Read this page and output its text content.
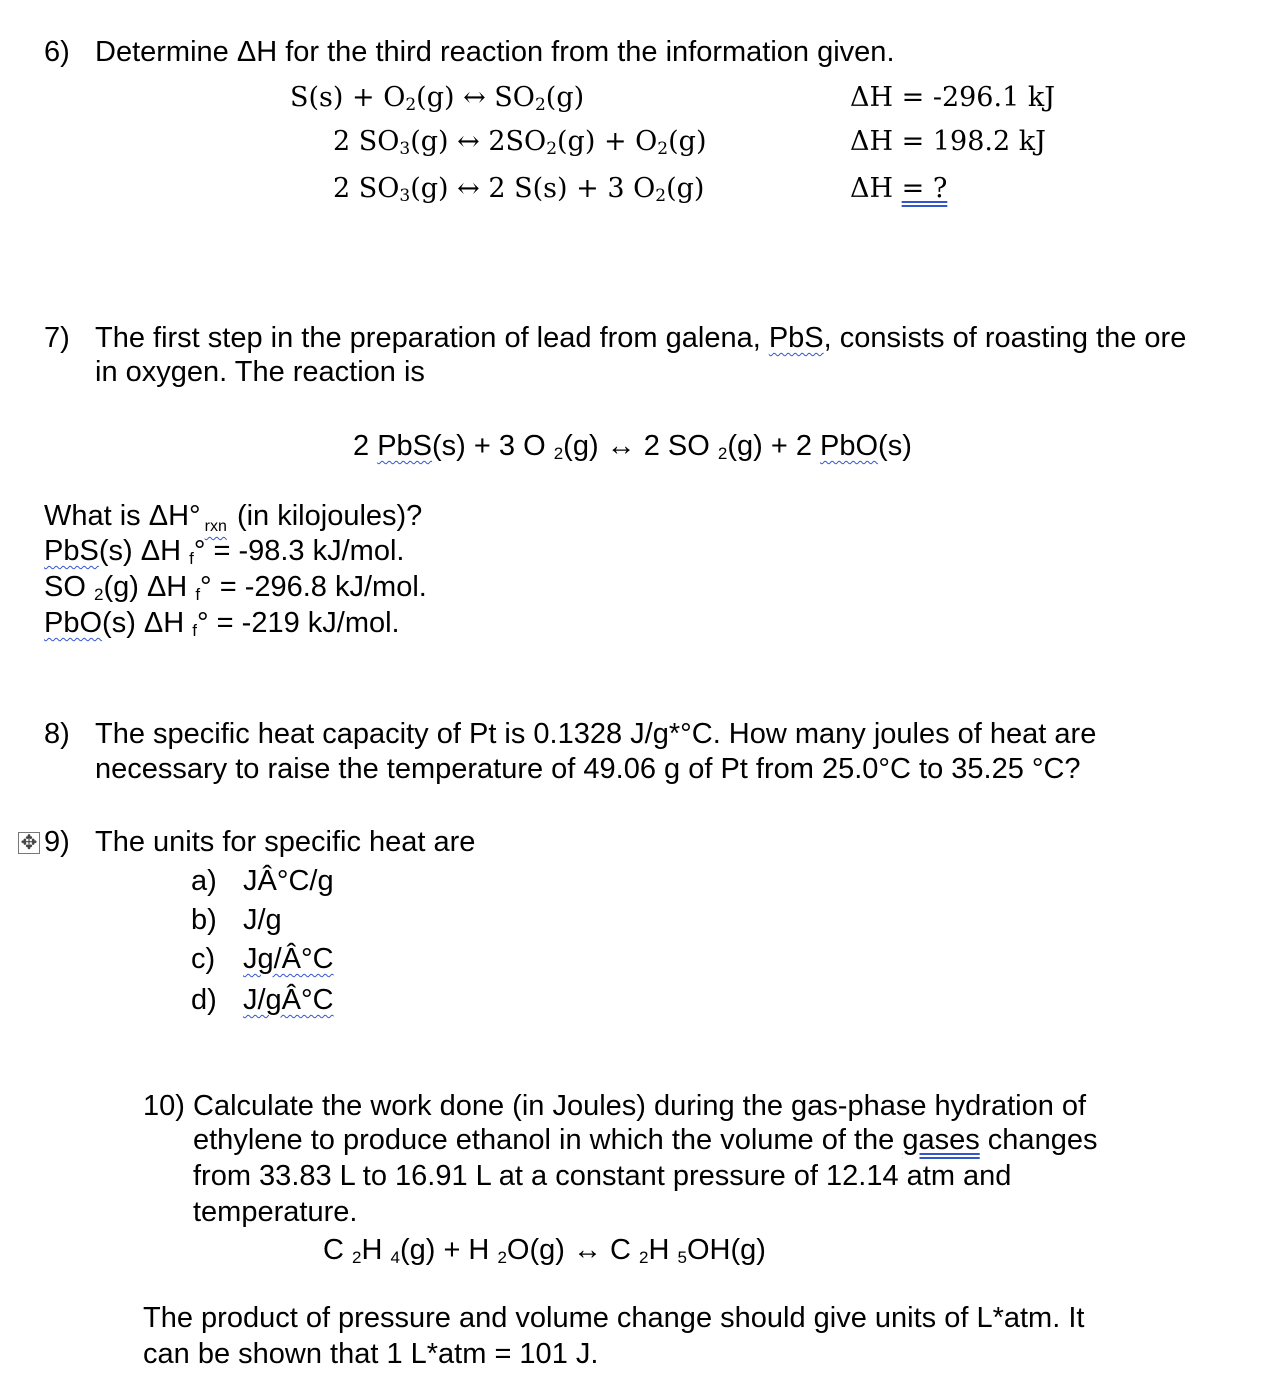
6) Determine ΔH for the third reaction from the information given.
S(s) + O2(g) ↔ SO2(g)	ΔH = -296.1 kJ
2 SO3(g) ↔ 2SO2(g) + O2(g)	ΔH = 198.2 kJ
2 SO3(g) ↔ 2 S(s) + 3 O2(g)	ΔH = ?
7) The first step in the preparation of lead from galena, PbS, consists of roasting the ore
in oxygen. The reaction is
2 PbS(s) + 3 O 2(g) ↔ 2 SO 2(g) + 2 PbO(s)
What is ΔH° $_{rxn}$ (in kilojoules)?
PbS(s) ΔH f° = -98.3 kJ/mol.
SO 2(g) ΔH f° = -296.8 kJ/mol.
PbO(s) ΔH f° = -219 kJ/mol.
8) The specific heat capacity of Pt is 0.1328 J/g*°C. How many joules of heat are
necessary to raise the temperature of 49.06 g of Pt from 25.0°C to 35.25 °C?
✥ 9) The units for specific heat are
a) JÂ°C/g
b) J/g
c) Jg/Â°C
d) J/gÂ°C
10) Calculate the work done (in Joules) during the gas-phase hydration of
ethylene to produce ethanol in which the volume of the gases changes
from 33.83 L to 16.91 L at a constant pressure of 12.14 atm and
temperature.
C 2H 4(g) + H 2O(g) ↔ C 2H 5OH(g)
The product of pressure and volume change should give units of L*atm. It
can be shown that 1 L*atm = 101 J.
